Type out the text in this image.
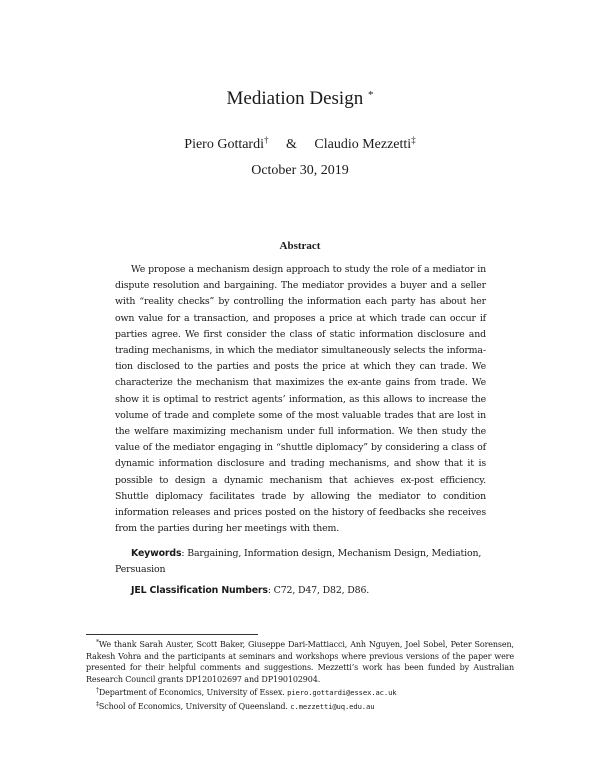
Mediation Design *
Piero Gottardi† & Claudio Mezzetti‡
October 30, 2019
Abstract
We propose a mechanism design approach to study the role of a mediator in dispute resolution and bargaining. The mediator provides a buyer and a seller with “reality checks” by controlling the information each party has about her own value for a transaction, and proposes a price at which trade can occur if parties agree. We first consider the class of static information disclosure and trading mechanisms, in which the mediator simultaneously selects the information disclosed to the parties and posts the price at which they can trade. We characterize the mechanism that maximizes the ex-ante gains from trade. We show it is optimal to restrict agents’ information, as this allows to increase the volume of trade and complete some of the most valuable trades that are lost in the welfare maximizing mechanism under full information. We then study the value of the mediator engaging in “shuttle diplomacy” by considering a class of dynamic information disclosure and trading mechanisms, and show that it is possible to design a dynamic mechanism that achieves ex-post efficiency. Shuttle diplomacy facilitates trade by allowing the mediator to condition information releases and prices posted on the history of feedbacks she receives from the parties during her meetings with them.
Keywords: Bargaining, Information design, Mechanism Design, Mediation, Persuasion
JEL Classification Numbers: C72, D47, D82, D86.
*We thank Sarah Auster, Scott Baker, Giuseppe Dari-Mattiacci, Anh Nguyen, Joel Sobel, Peter Sorensen, Rakesh Vohra and the participants at seminars and workshops where previous versions of the paper were presented for their helpful comments and suggestions. Mezzetti’s work has been funded by Australian Research Council grants DP120102697 and DP190102904.
†Department of Economics, University of Essex. piero.gottardi@essex.ac.uk
‡School of Economics, University of Queensland. c.mezzetti@uq.edu.au
